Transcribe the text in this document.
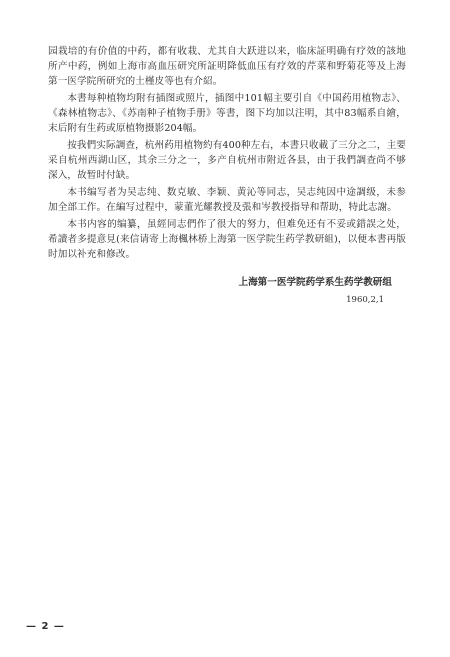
园栽培的有价值的中药，都有收栽、尤其自大跃进以来，临床証明确有疗效的該地所产中药，例如上海市高血压研究所証明降低血压有疗效的芹菜和野菊花等及上海第一医学院所研究的土槿皮等也有介紹。

本書每种植物均附有插图或照片，插图中101幅主要引自《中国药用植物志》、《森林植物志》、《苏南种子植物手册》等書，图下均加以注明，其中83幅系自繪，末后附有生药或原植物摄影204幅。

按我們实际調查，杭州药用植物約有400种左右，本書只收載了三分之二，主要采自杭州西湖山区，其余三分之一，多产自杭州市附近各县，由于我們調查尚不够深入，故暂时付缺。

本书编写者为吴志纯、数克敏、李颖、黄沁等同志，吴志纯因中途調级，未参加全部工作。在編写过程中，蒙董光耀教授及張和岑教授指导和帮助，特此志謝。

本书内容的编纂，虽經同志們作了很大的努力，但难免还有不妥或錯誤之处，希讀者多提意見(来信请寄上海楓林桥上海第一医学院生药学教研組)，以便本書再版时加以补充和修改。

上海第一医学院药学系生药学教研组
1960,2,1
— 2 —
